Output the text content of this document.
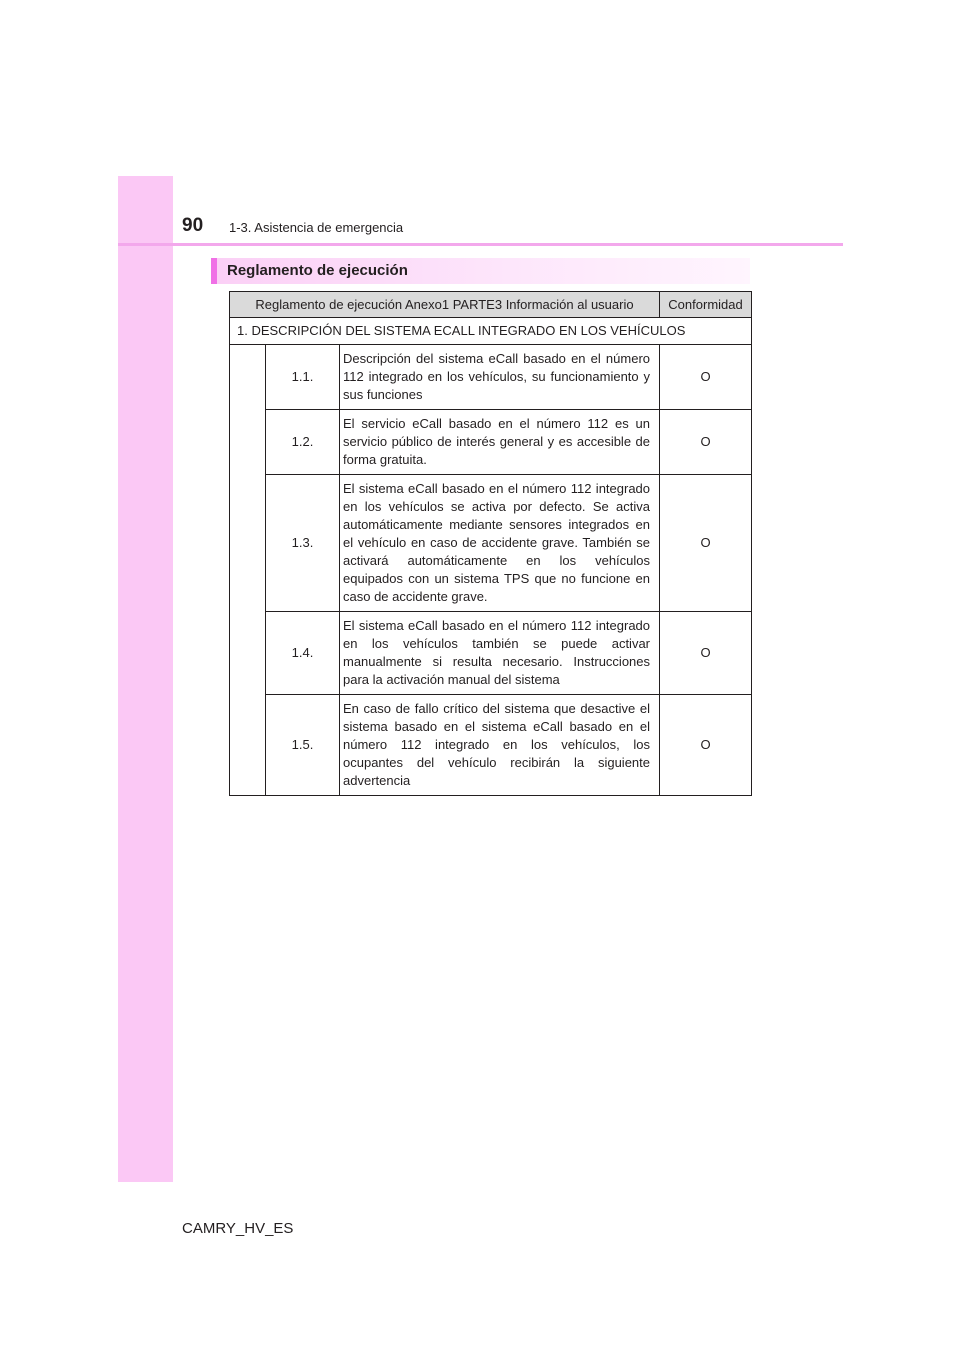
90 1-3. Asistencia de emergencia
Reglamento de ejecución
Reglamento de ejecución Anexo1 PARTE3 Información al usuario			Conformidad
1. DESCRIPCIÓN DEL SISTEMA ECALL INTEGRADO EN LOS VEHÍCULOS			
	1.1.	Descripción del sistema eCall basado en el número 112 integrado en los vehículos, su funcionamiento y sus funciones	O
	1.2.	El servicio eCall basado en el número 112 es un servicio público de interés general y es accesible de forma gratuita.	O
	1.3.	El sistema eCall basado en el número 112 integrado en los vehículos se activa por defecto. Se activa automáticamente mediante sensores integrados en el vehículo en caso de accidente grave. También se activará automáticamente en los vehículos equipados con un sistema TPS que no funcione en caso de accidente grave.	O
	1.4.	El sistema eCall basado en el número 112 integrado en los vehículos también se puede activar manualmente si resulta necesario. Instrucciones para la activación manual del sistema	O
	1.5.	En caso de fallo crítico del sistema que desactive el sistema basado en el sistema eCall basado en el número 112 integrado en los vehículos, los ocupantes del vehículo recibirán la siguiente advertencia	O
CAMRY_HV_ES
